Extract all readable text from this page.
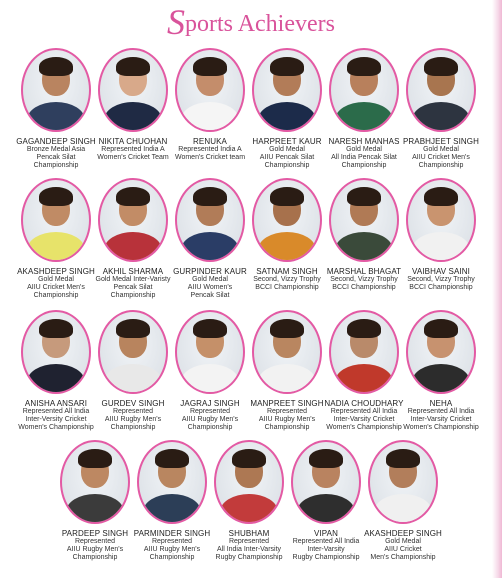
Sports Achievers
GAGANDEEP SINGH
Bronze Medal Asia
Pencak Silat Championship
NIKITA CHUOHAN
Represented India A
Women's Cricket Team
RENUKA
Represented India A
Women's Cricket team
HARPREET KAUR
Gold Medal
AIIU Pencak Silat
Championship
NARESH MANHAS
Gold Medal
All India Pencak Silat
Championship
PRABHJEET SINGH
Gold Medal
AIIU Cricket Men's
Championship
AKASHDEEP SINGH
Gold Medal
AIIU Cricket Men's
Championship
AKHIL SHARMA
Gold Medal Inter-Varisty
Pencak Silat Championship
GURPINDER KAUR
Gold Medal
AIIU Women's
Pencak Silat
SATNAM SINGH
Second, Vizzy Trophy
BCCI Championship
MARSHAL BHAGAT
Second, Vizzy Trophy
BCCI Championship
VAIBHAV SAINI
Second, Vizzy Trophy
BCCI Championship
ANISHA ANSARI
Represented All India
Inter-Versity Cricket
Women's Championship
GURDEV SINGH
Represented
AIIU Rugby Men's
Championship
JAGRAJ SINGH
Represented
AIIU Rugby Men's
Championship
MANPREET SINGH
Represented
AIIU Rugby Men's
Championship
NADIA CHOUDHARY
Represented All India
Inter-Varsity Cricket
Women's Championship
NEHA
Represented All India
Inter-Varsity Cricket
Women's Championship
PARDEEP SINGH
Represented
AIIU Rugby Men's
Championship
PARMINDER SINGH
Represented
AIIU Rugby Men's
Championship
SHUBHAM
Represented
All India Inter-Varsity
Rugby Championship
VIPAN
Represented All India
Inter-Varsity
Rugby Championship
AKASHDEEP SINGH
Gold Medal
AIIU Cricket
Men's Championship
